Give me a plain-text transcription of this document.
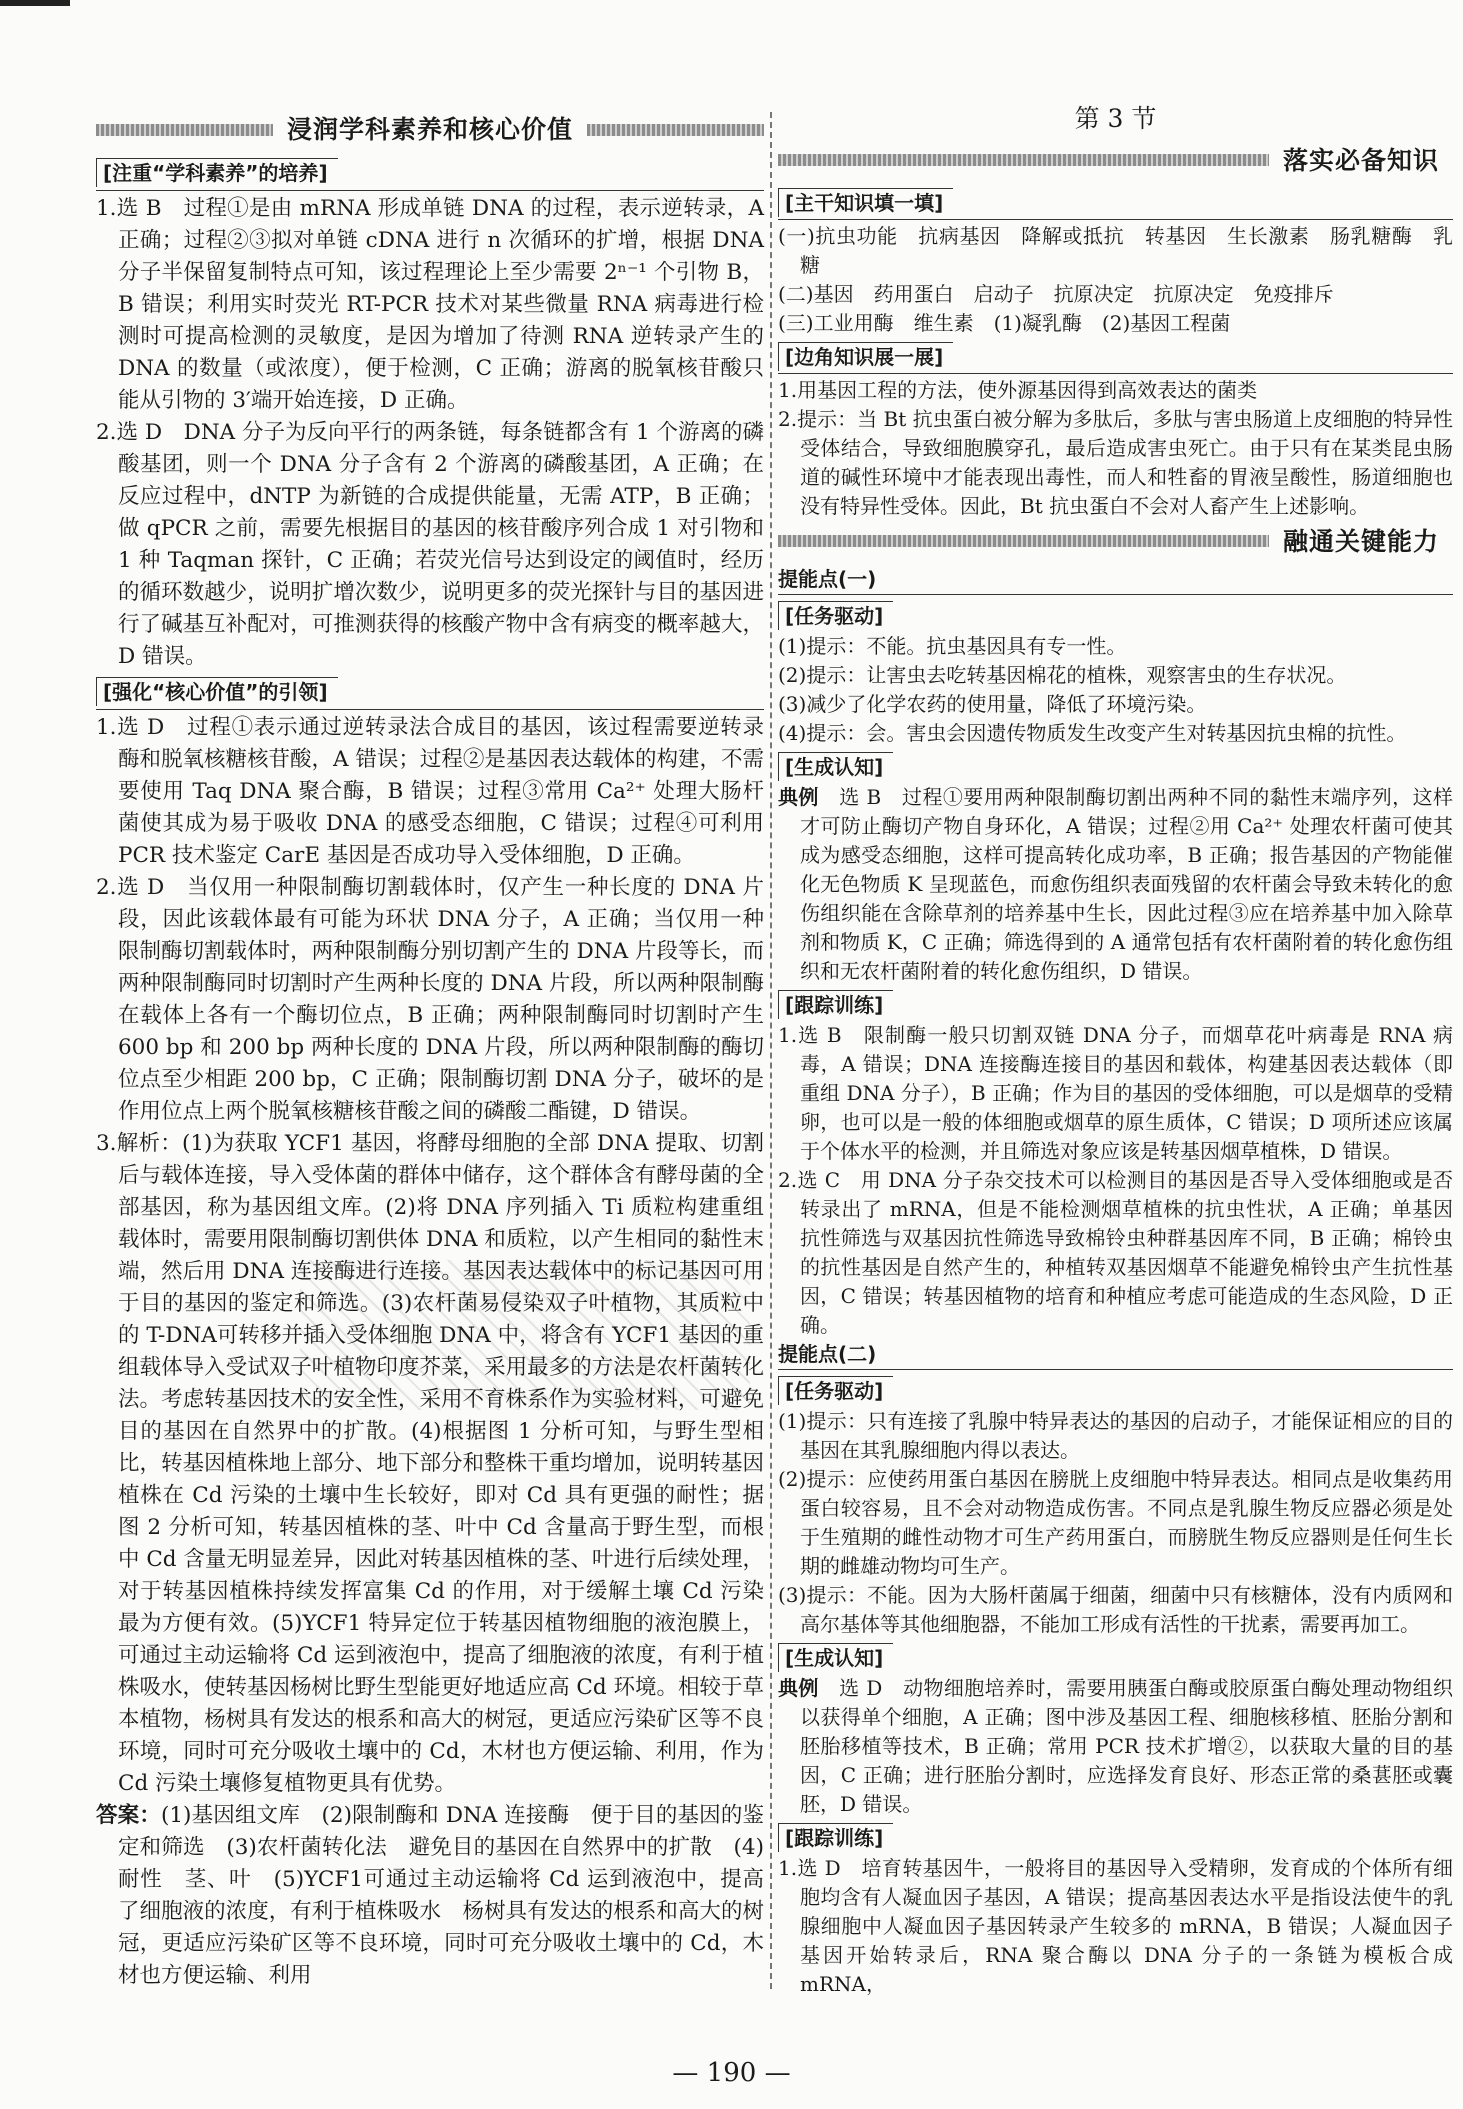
浸润学科素养和核心价值
[注重“学科素养”的培养]

1.选 B　过程①是由 mRNA 形成单链 DNA 的过程，表示逆转录，A 正确；过程②③拟对单链 cDNA 进行 n 次循环的扩增，根据 DNA 分子半保留复制特点可知，该过程理论上至少需要 2ⁿ⁻¹ 个引物 B，B 错误；利用实时荧光 RT-PCR 技术对某些微量 RNA 病毒进行检测时可提高检测的灵敏度，是因为增加了待测 RNA 逆转录产生的 DNA 的数量（或浓度），便于检测，C 正确；游离的脱氧核苷酸只能从引物的 3′端开始连接，D 正确。

2.选 D　DNA 分子为反向平行的两条链，每条链都含有 1 个游离的磷酸基团，则一个 DNA 分子含有 2 个游离的磷酸基团，A 正确；在反应过程中，dNTP 为新链的合成提供能量，无需 ATP，B 正确；做 qPCR 之前，需要先根据目的基因的核苷酸序列合成 1 对引物和 1 种 Taqman 探针，C 正确；若荧光信号达到设定的阈值时，经历的循环数越少，说明扩增次数少，说明更多的荧光探针与目的基因进行了碱基互补配对，可推测获得的核酸产物中含有病变的概率越大，D 错误。

[强化“核心价值”的引领]

1.选 D　过程①表示通过逆转录法合成目的基因，该过程需要逆转录酶和脱氧核糖核苷酸，A 错误；过程②是基因表达载体的构建，不需要使用 Taq DNA 聚合酶，B 错误；过程③常用 Ca²⁺ 处理大肠杆菌使其成为易于吸收 DNA 的感受态细胞，C 错误；过程④可利用 PCR 技术鉴定 CarE 基因是否成功导入受体细胞，D 正确。

2.选 D　当仅用一种限制酶切割载体时，仅产生一种长度的 DNA 片段，因此该载体最有可能为环状 DNA 分子，A 正确；当仅用一种限制酶切割载体时，两种限制酶分别切割产生的 DNA 片段等长，而两种限制酶同时切割时产生两种长度的 DNA 片段，所以两种限制酶在载体上各有一个酶切位点，B 正确；两种限制酶同时切割时产生 600 bp 和 200 bp 两种长度的 DNA 片段，所以两种限制酶的酶切位点至少相距 200 bp，C 正确；限制酶切割 DNA 分子，破坏的是作用位点上两个脱氧核糖核苷酸之间的磷酸二酯键，D 错误。

3.解析：(1)为获取 YCF1 基因，将酵母细胞的全部 DNA 提取、切割后与载体连接，导入受体菌的群体中储存，这个群体含有酵母菌的全部基因，称为基因组文库。(2)将 DNA 序列插入 Ti 质粒构建重组载体时，需要用限制酶切割供体 DNA 和质粒，以产生相同的黏性末端，然后用 DNA 连接酶进行连接。基因表达载体中的标记基因可用于目的基因的鉴定和筛选。(3)农杆菌易侵染双子叶植物，其质粒中的 T-DNA可转移并插入受体细胞 DNA 中，将含有 YCF1 基因的重组载体导入受试双子叶植物印度芥菜，采用最多的方法是农杆菌转化法。考虑转基因技术的安全性，采用不育株系作为实验材料，可避免目的基因在自然界中的扩散。(4)根据图 1 分析可知，与野生型相比，转基因植株地上部分、地下部分和整株干重均增加，说明转基因植株在 Cd 污染的土壤中生长较好，即对 Cd 具有更强的耐性；据图 2 分析可知，转基因植株的茎、叶中 Cd 含量高于野生型，而根中 Cd 含量无明显差异，因此对转基因植株的茎、叶进行后续处理，对于转基因植株持续发挥富集 Cd 的作用，对于缓解土壤 Cd 污染最为方便有效。(5)YCF1 特异定位于转基因植物细胞的液泡膜上，可通过主动运输将 Cd 运到液泡中，提高了细胞液的浓度，有利于植株吸水，使转基因杨树比野生型能更好地适应高 Cd 环境。相较于草本植物，杨树具有发达的根系和高大的树冠，更适应污染矿区等不良环境，同时可充分吸收土壤中的 Cd，木材也方便运输、利用，作为 Cd 污染土壤修复植物更具有优势。

答案：(1)基因组文库　(2)限制酶和 DNA 连接酶　便于目的基因的鉴定和筛选　(3)农杆菌转化法　避免目的基因在自然界中的扩散　(4)耐性　茎、叶　(5)YCF1可通过主动运输将 Cd 运到液泡中，提高了细胞液的浓度，有利于植株吸水　杨树具有发达的根系和高大的树冠，更适应污染矿区等不良环境，同时可充分吸收土壤中的 Cd，木材也方便运输、利用

第 3 节
落实必备知识
[主干知识填一填]

(一)抗虫功能　抗病基因　降解或抵抗　转基因　生长激素　肠乳糖酶　乳糖

(二)基因　药用蛋白　启动子　抗原决定　抗原决定　免疫排斥

(三)工业用酶　维生素　(1)凝乳酶　(2)基因工程菌

[边角知识展一展]

1.用基因工程的方法，使外源基因得到高效表达的菌类

2.提示：当 Bt 抗虫蛋白被分解为多肽后，多肽与害虫肠道上皮细胞的特异性受体结合，导致细胞膜穿孔，最后造成害虫死亡。由于只有在某类昆虫肠道的碱性环境中才能表现出毒性，而人和牲畜的胃液呈酸性，肠道细胞也没有特异性受体。因此，Bt 抗虫蛋白不会对人畜产生上述影响。

融通关键能力
提能点(一)
[任务驱动]

(1)提示：不能。抗虫基因具有专一性。

(2)提示：让害虫去吃转基因棉花的植株，观察害虫的生存状况。

(3)减少了化学农药的使用量，降低了环境污染。

(4)提示：会。害虫会因遗传物质发生改变产生对转基因抗虫棉的抗性。

[生成认知]

典例　 选 B　过程①要用两种限制酶切割出两种不同的黏性末端序列，这样才可防止酶切产物自身环化，A 错误；过程②用 Ca²⁺ 处理农杆菌可使其成为感受态细胞，这样可提高转化成功率，B 正确；报告基因的产物能催化无色物质 K 呈现蓝色，而愈伤组织表面残留的农杆菌会导致未转化的愈伤组织能在含除草剂的培养基中生长，因此过程③应在培养基中加入除草剂和物质 K，C 正确；筛选得到的 A 通常包括有农杆菌附着的转化愈伤组织和无农杆菌附着的转化愈伤组织，D 错误。

[跟踪训练]

1.选 B　限制酶一般只切割双链 DNA 分子，而烟草花叶病毒是 RNA 病毒，A 错误；DNA 连接酶连接目的基因和载体，构建基因表达载体（即重组 DNA 分子），B 正确；作为目的基因的受体细胞，可以是烟草的受精卵，也可以是一般的体细胞或烟草的原生质体，C 错误；D 项所述应该属于个体水平的检测，并且筛选对象应该是转基因烟草植株，D 错误。

2.选 C　用 DNA 分子杂交技术可以检测目的基因是否导入受体细胞或是否转录出了 mRNA，但是不能检测烟草植株的抗虫性状，A 正确；单基因抗性筛选与双基因抗性筛选导致棉铃虫种群基因库不同，B 正确；棉铃虫的抗性基因是自然产生的，种植转双基因烟草不能避免棉铃虫产生抗性基因，C 错误；转基因植物的培育和种植应考虑可能造成的生态风险，D 正确。

提能点(二)
[任务驱动]

(1)提示：只有连接了乳腺中特异表达的基因的启动子，才能保证相应的目的基因在其乳腺细胞内得以表达。

(2)提示：应使药用蛋白基因在膀胱上皮细胞中特异表达。相同点是收集药用蛋白较容易，且不会对动物造成伤害。不同点是乳腺生物反应器必须是处于生殖期的雌性动物才可生产药用蛋白，而膀胱生物反应器则是任何生长期的雌雄动物均可生产。

(3)提示：不能。因为大肠杆菌属于细菌，细菌中只有核糖体，没有内质网和高尔基体等其他细胞器，不能加工形成有活性的干扰素，需要再加工。

[生成认知]

典例　 选 D　动物细胞培养时，需要用胰蛋白酶或胶原蛋白酶处理动物组织以获得单个细胞，A 正确；图中涉及基因工程、细胞核移植、胚胎分割和胚胎移植等技术，B 正确；常用 PCR 技术扩增②，以获取大量的目的基因，C 正确；进行胚胎分割时，应选择发育良好、形态正常的桑葚胚或囊胚，D 错误。

[跟踪训练]

1.选 D　培育转基因牛，一般将目的基因导入受精卵，发育成的个体所有细胞均含有人凝血因子基因，A 错误；提高基因表达水平是指设法使牛的乳腺细胞中人凝血因子基因转录产生较多的 mRNA，B 错误；人凝血因子基因开始转录后，RNA 聚合酶以 DNA 分子的一条链为模板合成 mRNA，

— 190 —
